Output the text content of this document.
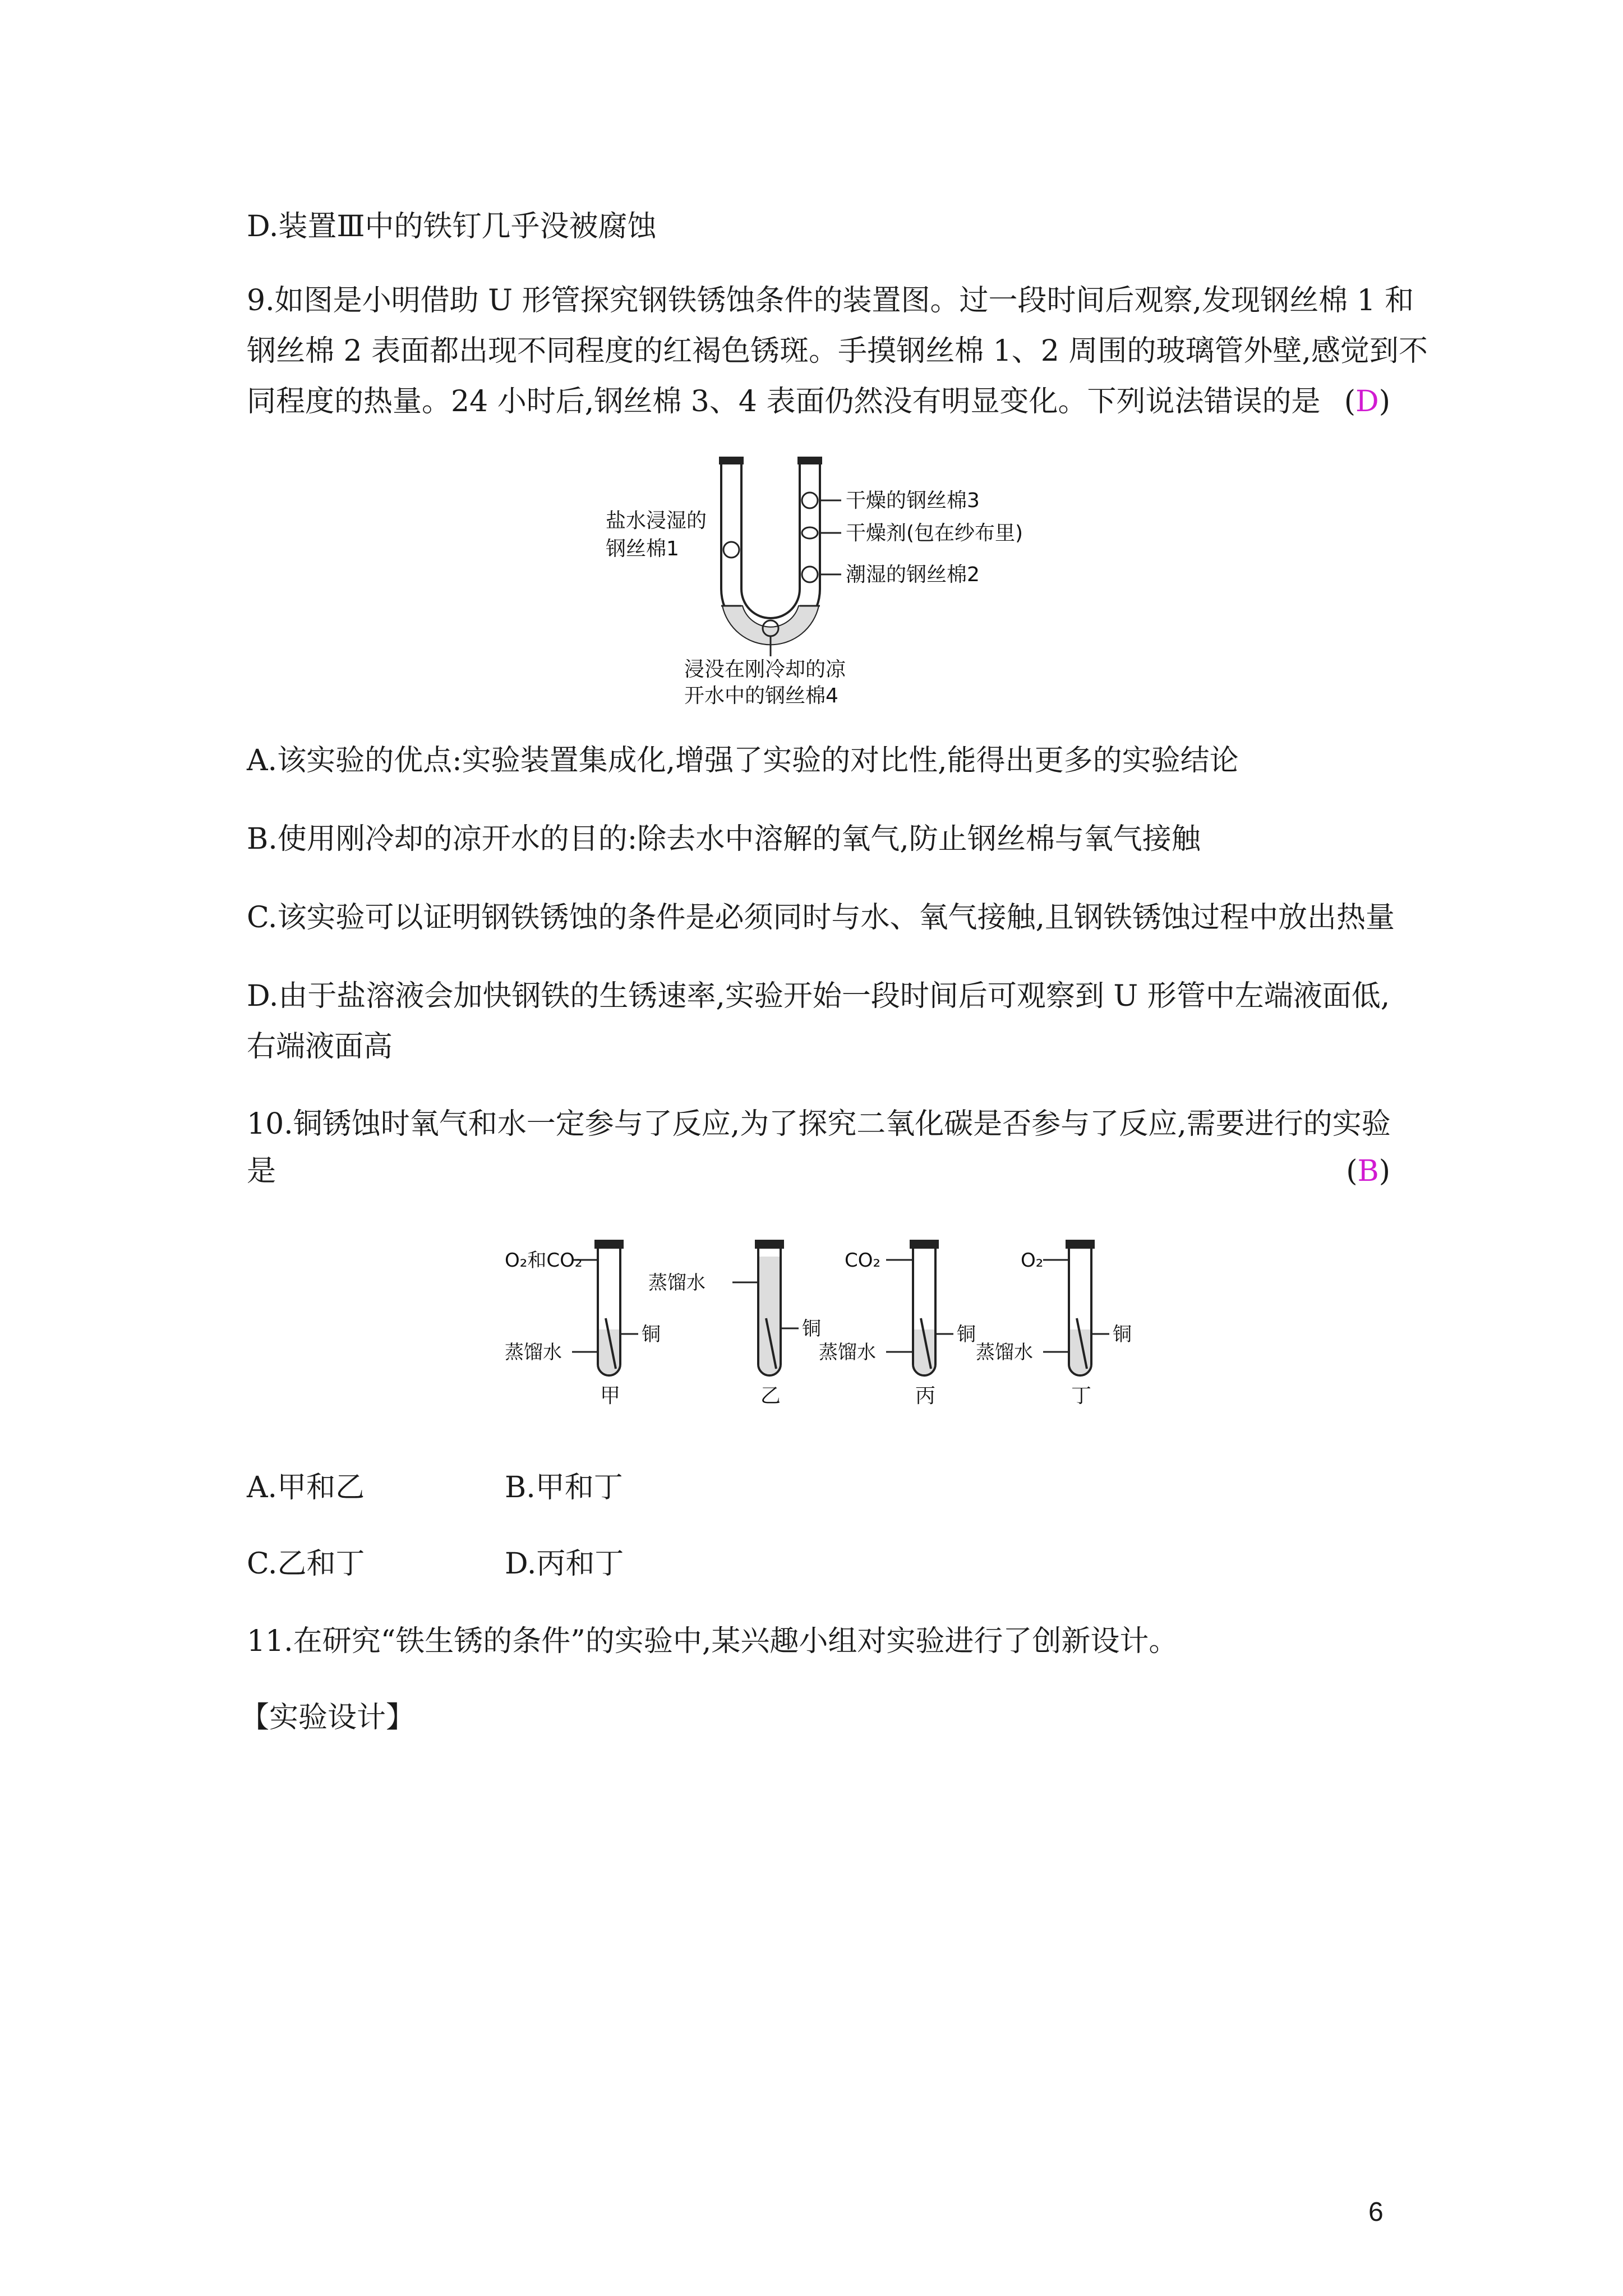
D.装置Ⅲ中的铁钉几乎没被腐蚀
9.如图是小明借助 U 形管探究钢铁锈蚀条件的装置图。过一段时间后观察,发现钢丝棉 1 和
钢丝棉 2 表面都出现不同程度的红褐色锈斑。手摸钢丝棉 1、2 周围的玻璃管外壁,感觉到不
同程度的热量。24 小时后,钢丝棉 3、4 表面仍然没有明显变化。下列说法错误的是 (D)
盐水浸湿的
钢丝棉1
干燥的钢丝棉3
干燥剂(包在纱布里)
潮湿的钢丝棉2
浸没在刚冷却的凉
开水中的钢丝棉4
A.该实验的优点:实验装置集成化,增强了实验的对比性,能得出更多的实验结论
B.使用刚冷却的凉开水的目的:除去水中溶解的氧气,防止钢丝棉与氧气接触
C.该实验可以证明钢铁锈蚀的条件是必须同时与水、氧气接触,且钢铁锈蚀过程中放出热量
D.由于盐溶液会加快钢铁的生锈速率,实验开始一段时间后可观察到 U 形管中左端液面低,
右端液面高
10.铜锈蚀时氧气和水一定参与了反应,为了探究二氧化碳是否参与了反应,需要进行的实验
是	(B)
O₂和CO₂
蒸馏水
铜
甲
蒸馏水
铜
乙
CO₂
蒸馏水
铜
丙
O₂
蒸馏水
铜
丁
A.甲和乙	B.甲和丁
C.乙和丁	D.丙和丁
11.在研究“铁生锈的条件”的实验中,某兴趣小组对实验进行了创新设计。
【实验设计】
6
